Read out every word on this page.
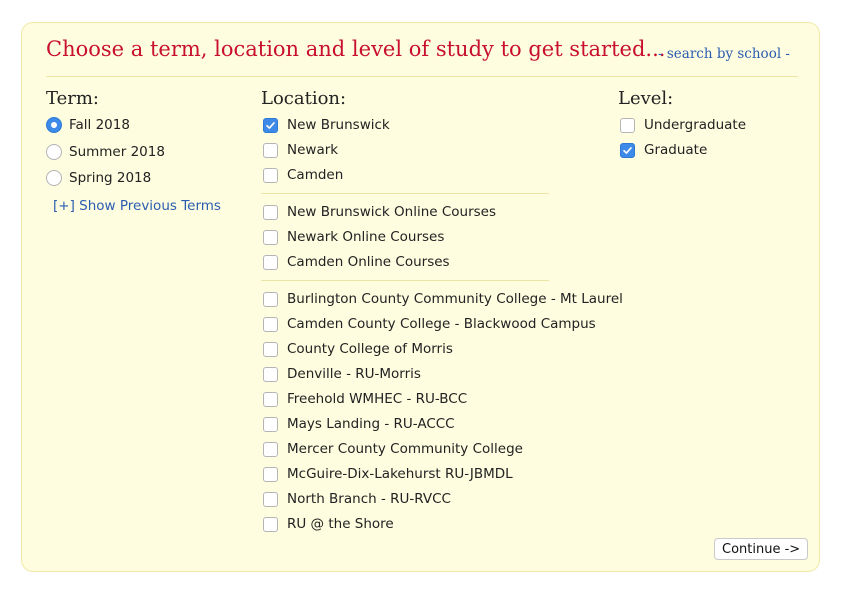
Choose a term, location and level of study to get started...
- search by school -
Term:
Fall 2018
Summer 2018
Spring 2018
[+] Show Previous Terms
Location:
New Brunswick
Newark
Camden
New Brunswick Online Courses
Newark Online Courses
Camden Online Courses
Burlington County Community College - Mt Laurel
Camden County College - Blackwood Campus
County College of Morris
Denville - RU-Morris
Freehold WMHEC - RU-BCC
Mays Landing - RU-ACCC
Mercer County Community College
McGuire-Dix-Lakehurst RU-JBMDL
North Branch - RU-RVCC
RU @ the Shore
Level:
Undergraduate
Graduate
Continue ->
